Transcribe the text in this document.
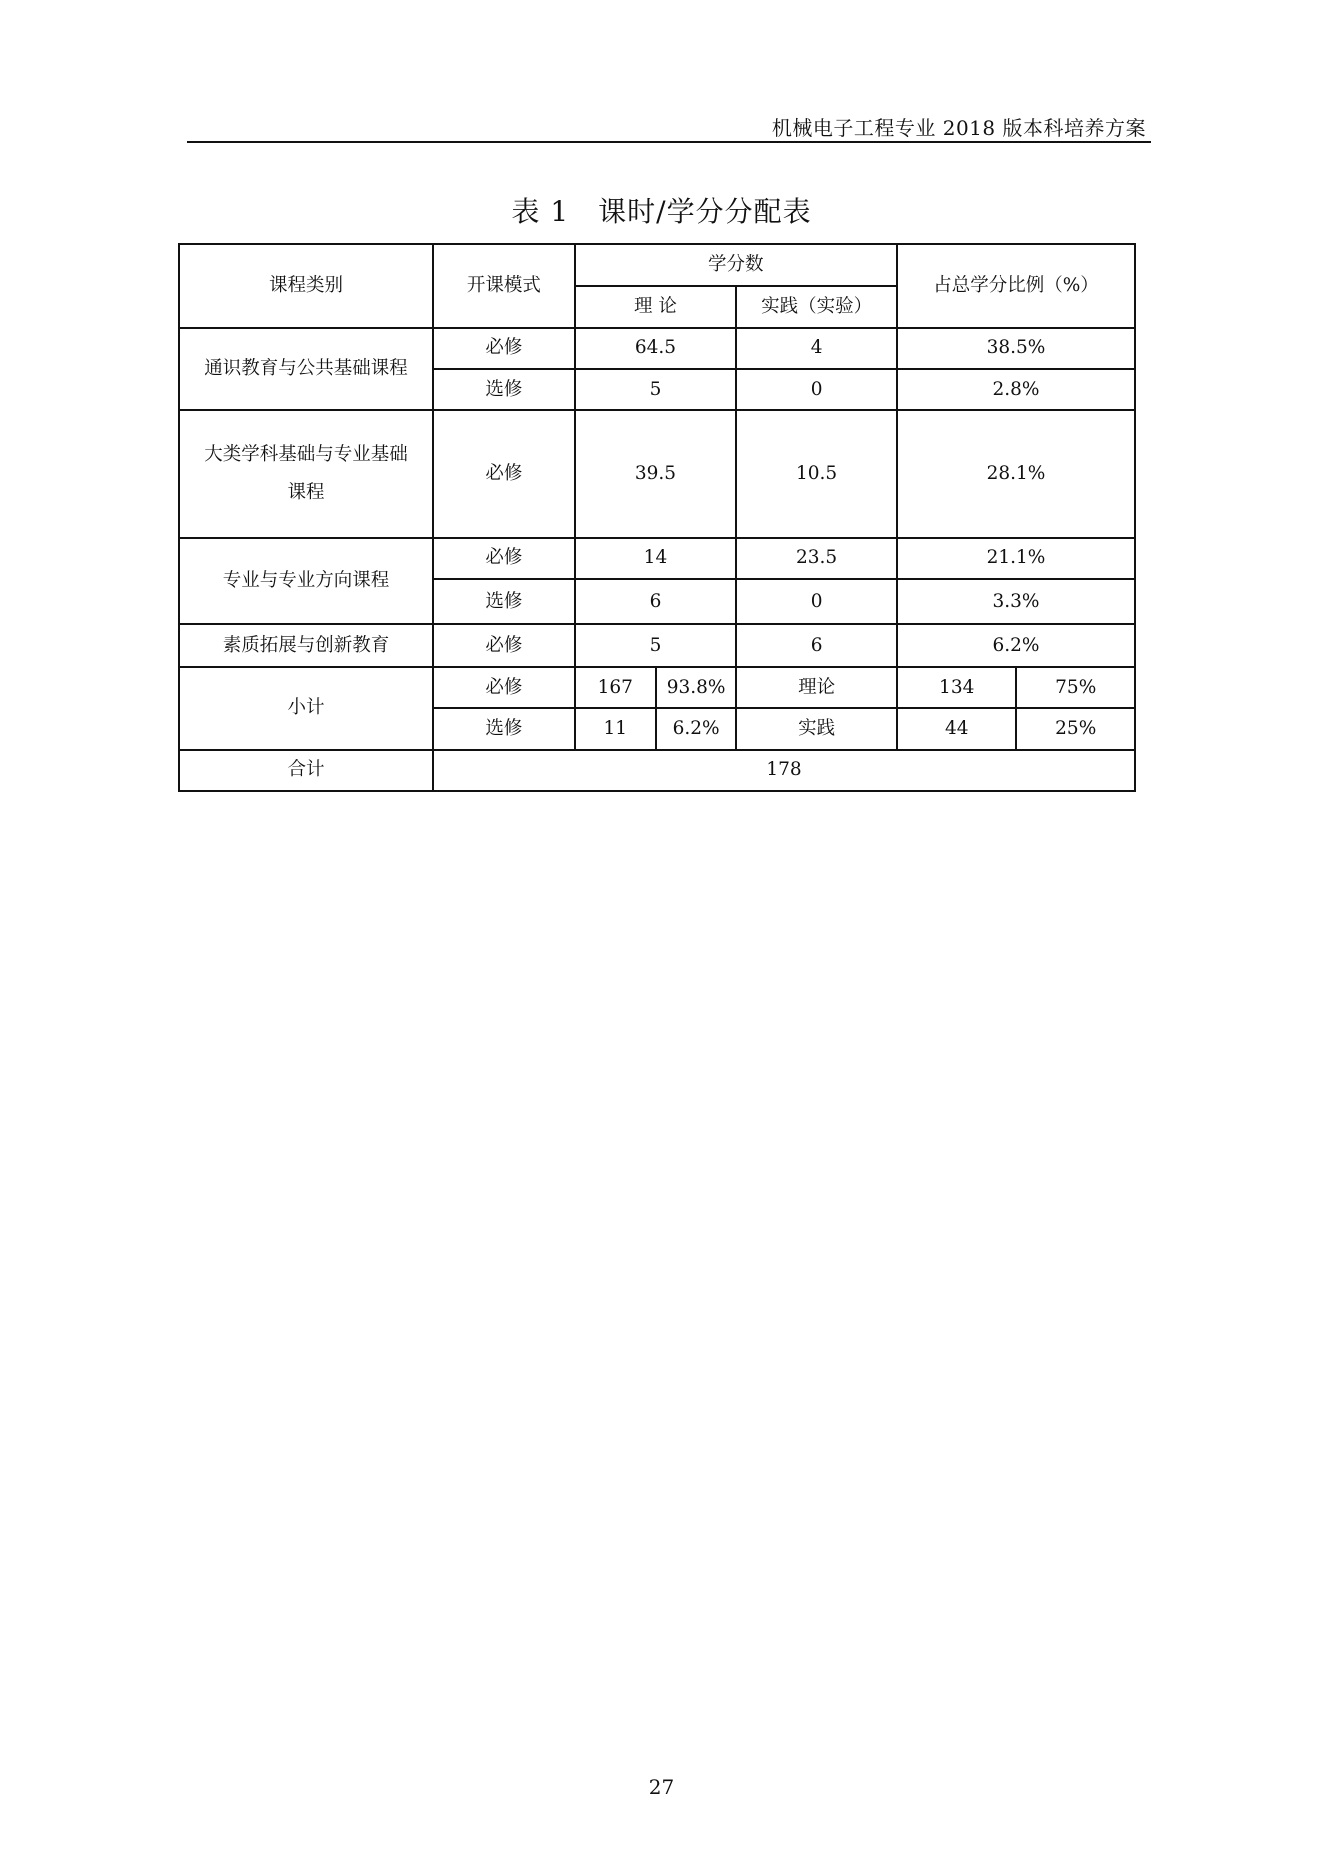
机械电子工程专业 2018 版本科培养方案
表 1　课时/学分分配表
课程类别	开课模式	学分数			占总学分比例（%）	
		理 论		实践（实验）		
通识教育与公共基础课程	必修	64.5		4	38.5%	
	选修	5		0	2.8%	
大类学科基础与专业基础课程	必修	39.5		10.5	28.1%	
专业与专业方向课程	必修	14		23.5	21.1%	
	选修	6		0	3.3%	
素质拓展与创新教育	必修	5		6	6.2%	
小计	必修	167	93.8%	理论	134	75%
	选修	11	6.2%	实践	44	25%
合计	178					
27
